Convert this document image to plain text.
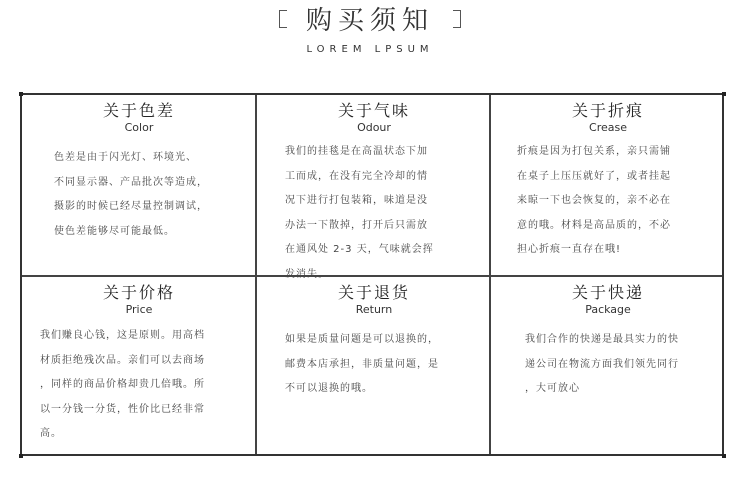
购买须知
LOREM LPSUM
关于色差
Color

色差是由于闪光灯、环境光、

不同显示器、产品批次等造成，

摄影的时候已经尽量控制调试，

使色差能够尽可能最低。

关于气味
Odour

我们的挂毯是在高温状态下加

工而成，在没有完全冷却的情

况下进行打包装箱，味道是没

办法一下散掉，打开后只需放

在通风处 2-3 天，气味就会挥

发消失。

关于折痕
Crease

折痕是因为打包关系，亲只需铺

在桌子上压压就好了，或者挂起

来晾一下也会恢复的，亲不必在

意的哦。材料是高品质的，不必

担心折痕一直存在哦!

关于价格
Price

我们赚良心钱，这是原则。用高档

材质拒绝残次品。亲们可以去商场

，同样的商品价格却贵几倍哦。所

以一分钱一分货，性价比已经非常

高。

关于退货
Return

如果是质量问题是可以退换的，

邮费本店承担，非质量问题，是

不可以退换的哦。

关于快递
Package

我们合作的快递是最具实力的快

递公司在物流方面我们领先同行

，大可放心
